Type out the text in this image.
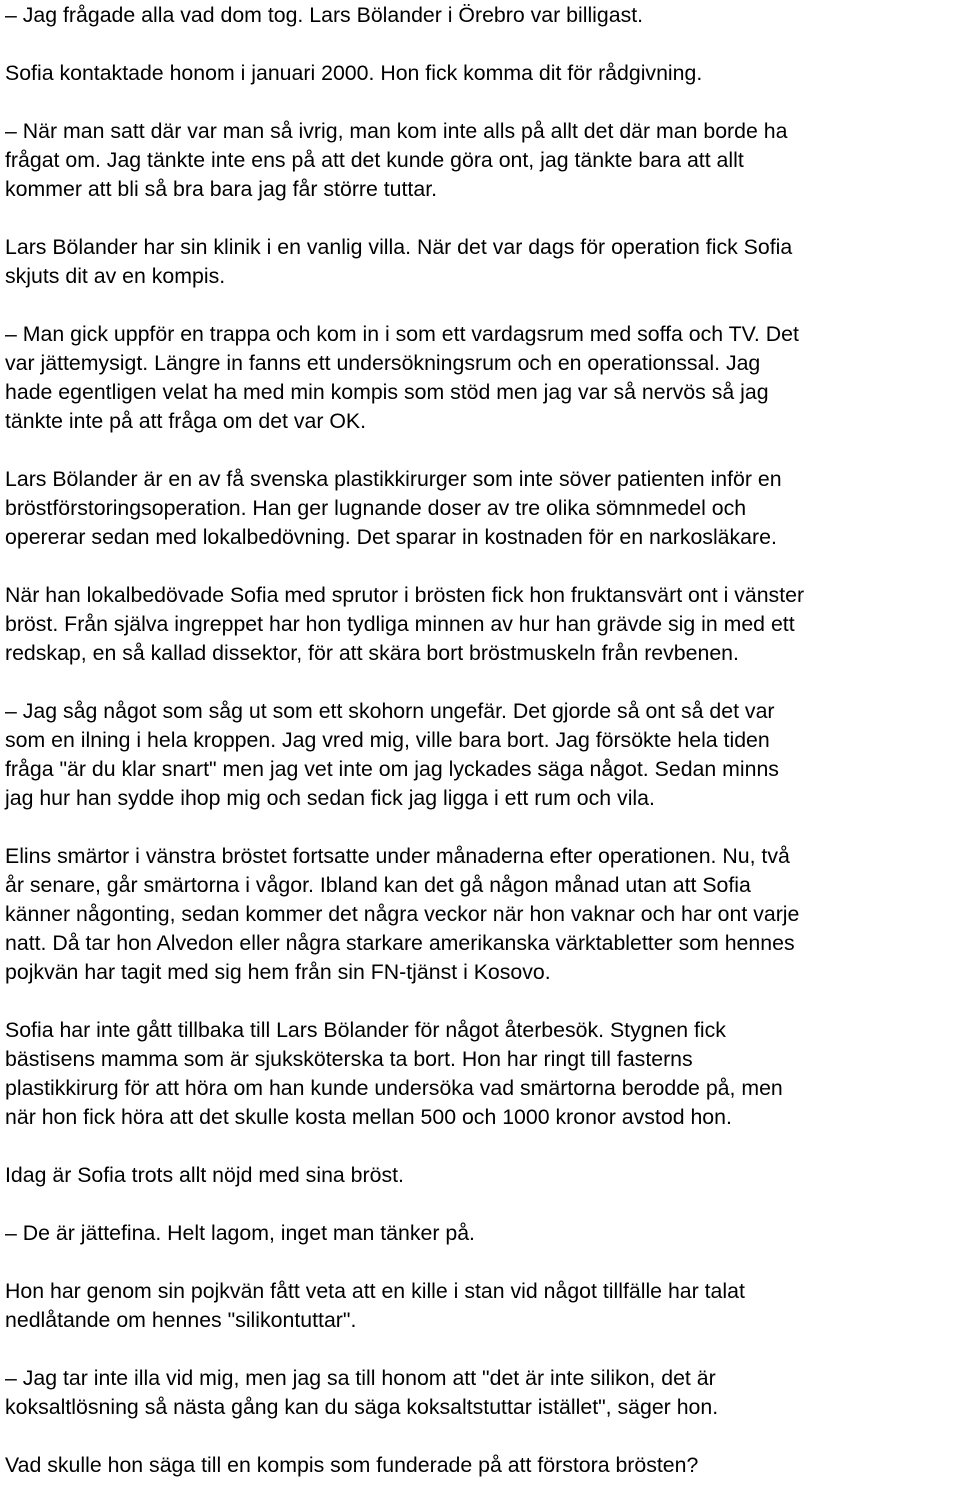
– Jag frågade alla vad dom tog. Lars Bölander i Örebro var billigast.

Sofia kontaktade honom i januari 2000. Hon fick komma dit för rådgivning.

– När man satt där var man så ivrig, man kom inte alls på allt det där man borde ha
frågat om. Jag tänkte inte ens på att det kunde göra ont, jag tänkte bara att allt
kommer att bli så bra bara jag får större tuttar.

Lars Bölander har sin klinik i en vanlig villa. När det var dags för operation fick Sofia
skjuts dit av en kompis.

– Man gick uppför en trappa och kom in i som ett vardagsrum med soffa och TV. Det
var jättemysigt. Längre in fanns ett undersökningsrum och en operationssal. Jag
hade egentligen velat ha med min kompis som stöd men jag var så nervös så jag
tänkte inte på att fråga om det var OK.

Lars Bölander är en av få svenska plastikkirurger som inte söver patienten inför en
bröstförstoringsoperation. Han ger lugnande doser av tre olika sömnmedel och
opererar sedan med lokalbedövning. Det sparar in kostnaden för en narkosläkare.

När han lokalbedövade Sofia med sprutor i brösten fick hon fruktansvärt ont i vänster
bröst. Från själva ingreppet har hon tydliga minnen av hur han grävde sig in med ett
redskap, en så kallad dissektor, för att skära bort bröstmuskeln från revbenen.

– Jag såg något som såg ut som ett skohorn ungefär. Det gjorde så ont så det var
som en ilning i hela kroppen. Jag vred mig, ville bara bort. Jag försökte hela tiden
fråga "är du klar snart" men jag vet inte om jag lyckades säga något. Sedan minns
jag hur han sydde ihop mig och sedan fick jag ligga i ett rum och vila.

Elins smärtor i vänstra bröstet fortsatte under månaderna efter operationen. Nu, två
år senare, går smärtorna i vågor. Ibland kan det gå någon månad utan att Sofia
känner någonting, sedan kommer det några veckor när hon vaknar och har ont varje
natt. Då tar hon Alvedon eller några starkare amerikanska värktabletter som hennes
pojkvän har tagit med sig hem från sin FN-tjänst i Kosovo.

Sofia har inte gått tillbaka till Lars Bölander för något återbesök. Stygnen fick
bästisens mamma som är sjuksköterska ta bort. Hon har ringt till fasterns
plastikkirurg för att höra om han kunde undersöka vad smärtorna berodde på, men
när hon fick höra att det skulle kosta mellan 500 och 1000 kronor avstod hon.

Idag är Sofia trots allt nöjd med sina bröst.

– De är jättefina. Helt lagom, inget man tänker på.

Hon har genom sin pojkvän fått veta att en kille i stan vid något tillfälle har talat
nedlåtande om hennes "silikontuttar".

– Jag tar inte illa vid mig, men jag sa till honom att "det är inte silikon, det är
koksaltlösning så nästa gång kan du säga koksaltstuttar istället", säger hon.

Vad skulle hon säga till en kompis som funderade på att förstora brösten?
